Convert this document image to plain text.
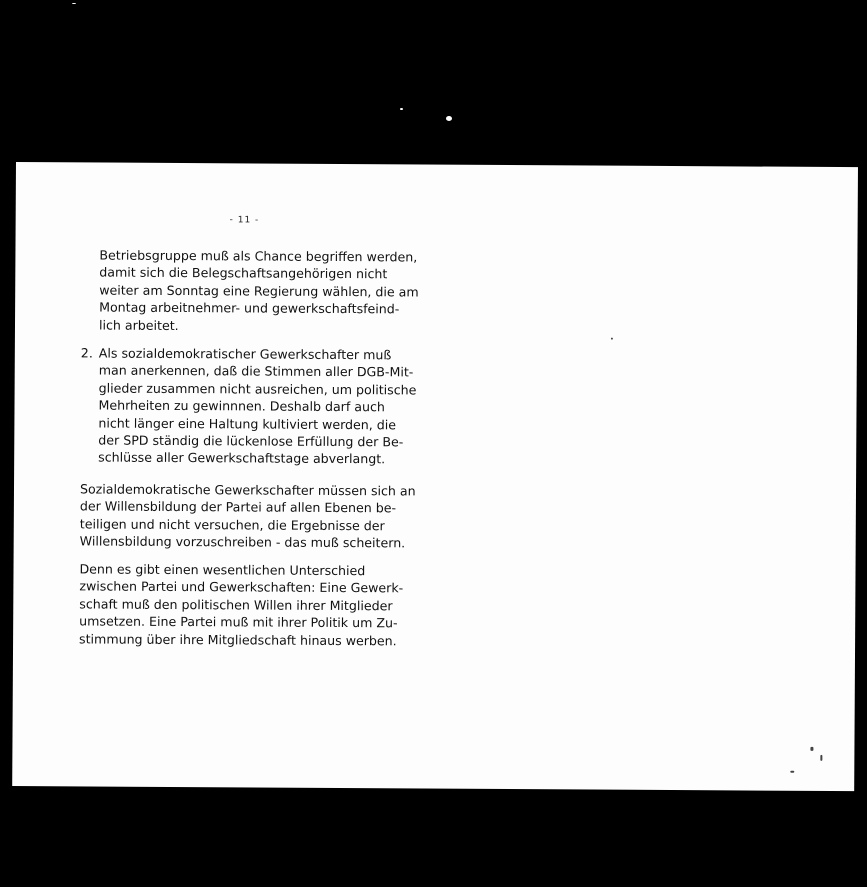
- 11 -
Betriebsgruppe muß als Chance begriffen werden,
damit sich die Belegschaftsangehörigen nicht
weiter am Sonntag eine Regierung wählen, die am
Montag arbeitnehmer- und gewerkschaftsfeind-
lich arbeitet.
2. Als sozialdemokratischer Gewerkschafter muß
man anerkennen, daß die Stimmen aller DGB-Mit-
glieder zusammen nicht ausreichen, um politische
Mehrheiten zu gewinnnen. Deshalb darf auch
nicht länger eine Haltung kultiviert werden, die
der SPD ständig die lückenlose Erfüllung der Be-
schlüsse aller Gewerkschaftstage abverlangt.
Sozialdemokratische Gewerkschafter müssen sich an
der Willensbildung der Partei auf allen Ebenen be-
teiligen und nicht versuchen, die Ergebnisse der
Willensbildung vorzuschreiben - das muß scheitern.
Denn es gibt einen wesentlichen Unterschied
zwischen Partei und Gewerkschaften: Eine Gewerk-
schaft muß den politischen Willen ihrer Mitglieder
umsetzen. Eine Partei muß mit ihrer Politik um Zu-
stimmung über ihre Mitgliedschaft hinaus werben.
